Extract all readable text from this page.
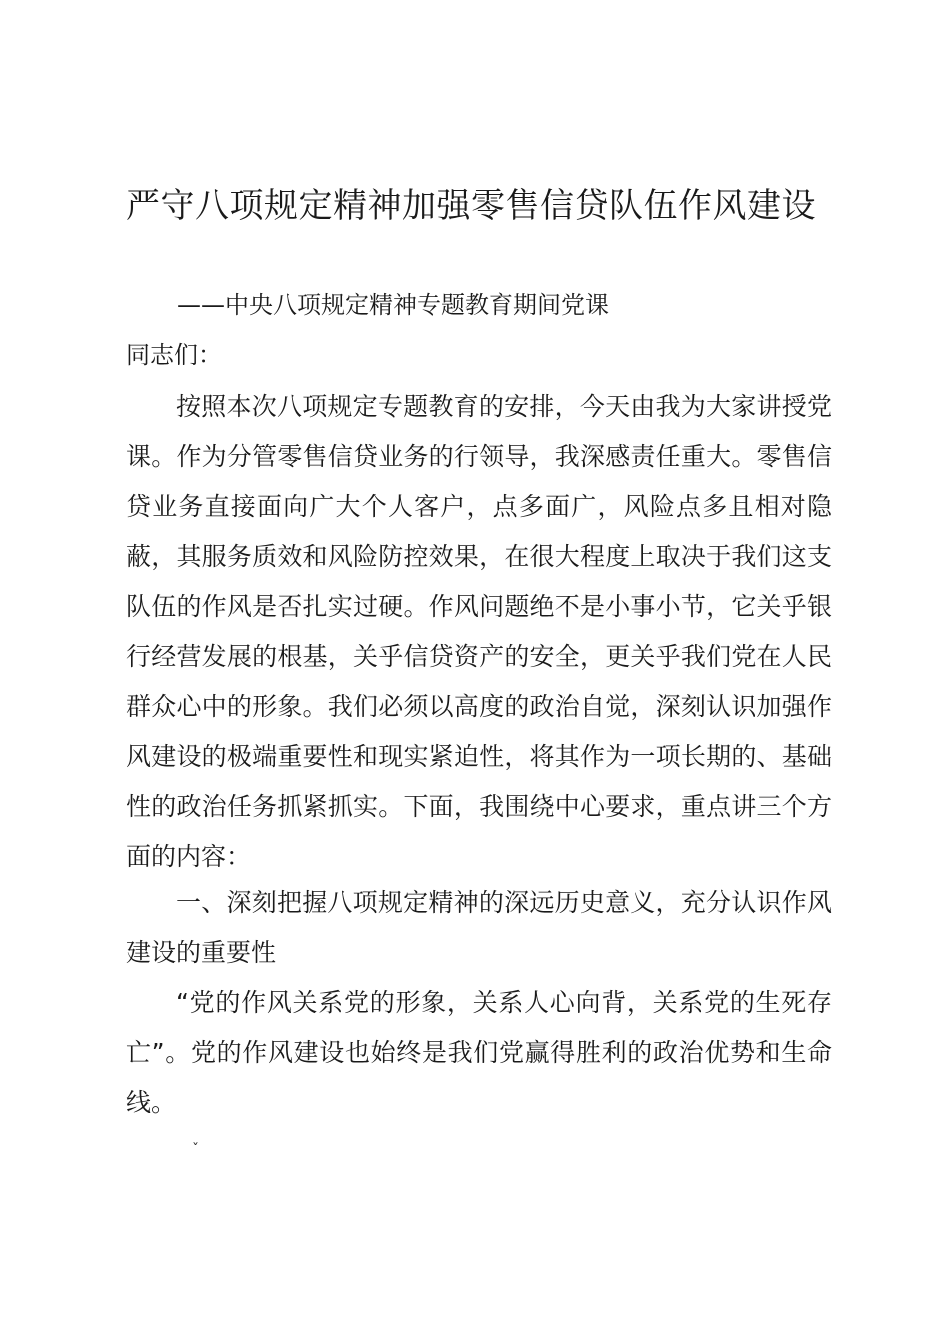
严守八项规定精神加强零售信贷队伍作风建设
——中央八项规定精神专题教育期间党课
同志们：

按照本次八项规定专题教育的安排，今天由我为大家讲授党课。作为分管零售信贷业务的行领导，我深感责任重大。零售信贷业务直接面向广大个人客户，点多面广，风险点多且相对隐蔽，其服务质效和风险防控效果，在很大程度上取决于我们这支队伍的作风是否扎实过硬。作风问题绝不是小事小节，它关乎银行经营发展的根基，关乎信贷资产的安全，更关乎我们党在人民群众心中的形象。我们必须以高度的政治自觉，深刻认识加强作风建设的极端重要性和现实紧迫性，将其作为一项长期的、基础性的政治任务抓紧抓实。下面，我围绕中心要求，重点讲三个方面的内容：

一、深刻把握八项规定精神的深远历史意义，充分认识作风建设的重要性

“党的作风关系党的形象，关系人心向背，关系党的生死存亡”。党的作风建设也始终是我们党赢得胜利的政治优势和生命线。

ˇ
